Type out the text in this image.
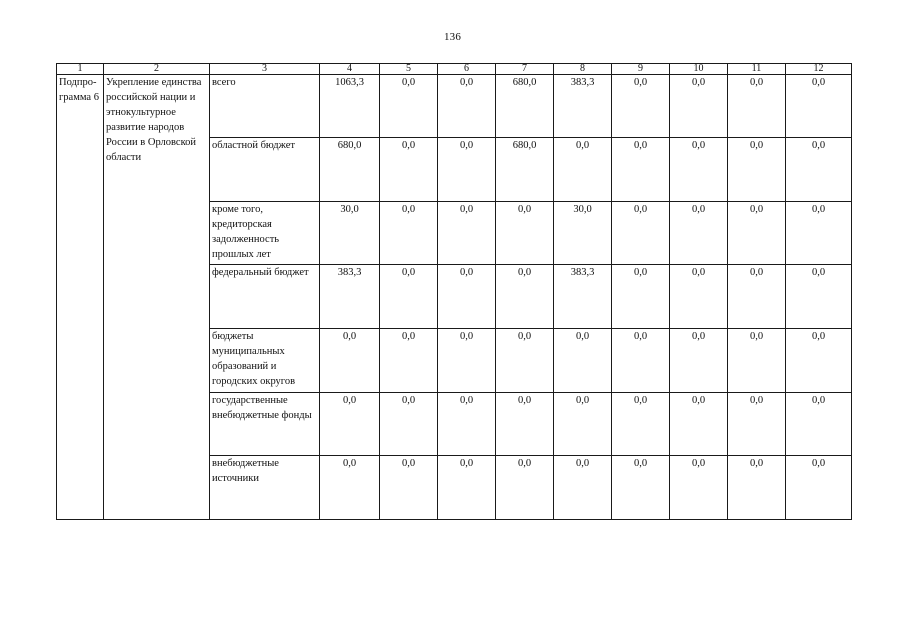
136
1	2	3	4	5	6	7	8	9	10	11	12
Подпро-грамма 6	Укрепление единства российской нации и этнокультурное развитие народов России в Орловской области	всего	1063,3	0,0	0,0	680,0	383,3	0,0	0,0	0,0	0,0
		областной бюджет	680,0	0,0	0,0	680,0	0,0	0,0	0,0	0,0	0,0
		кроме того, кредиторская задолженность прошлых лет	30,0	0,0	0,0	0,0	30,0	0,0	0,0	0,0	0,0
		федеральный бюджет	383,3	0,0	0,0	0,0	383,3	0,0	0,0	0,0	0,0
		бюджеты муниципальных образований и городских округов	0,0	0,0	0,0	0,0	0,0	0,0	0,0	0,0	0,0
		государственные внебюджетные фонды	0,0	0,0	0,0	0,0	0,0	0,0	0,0	0,0	0,0
		внебюджетные источники	0,0	0,0	0,0	0,0	0,0	0,0	0,0	0,0	0,0
